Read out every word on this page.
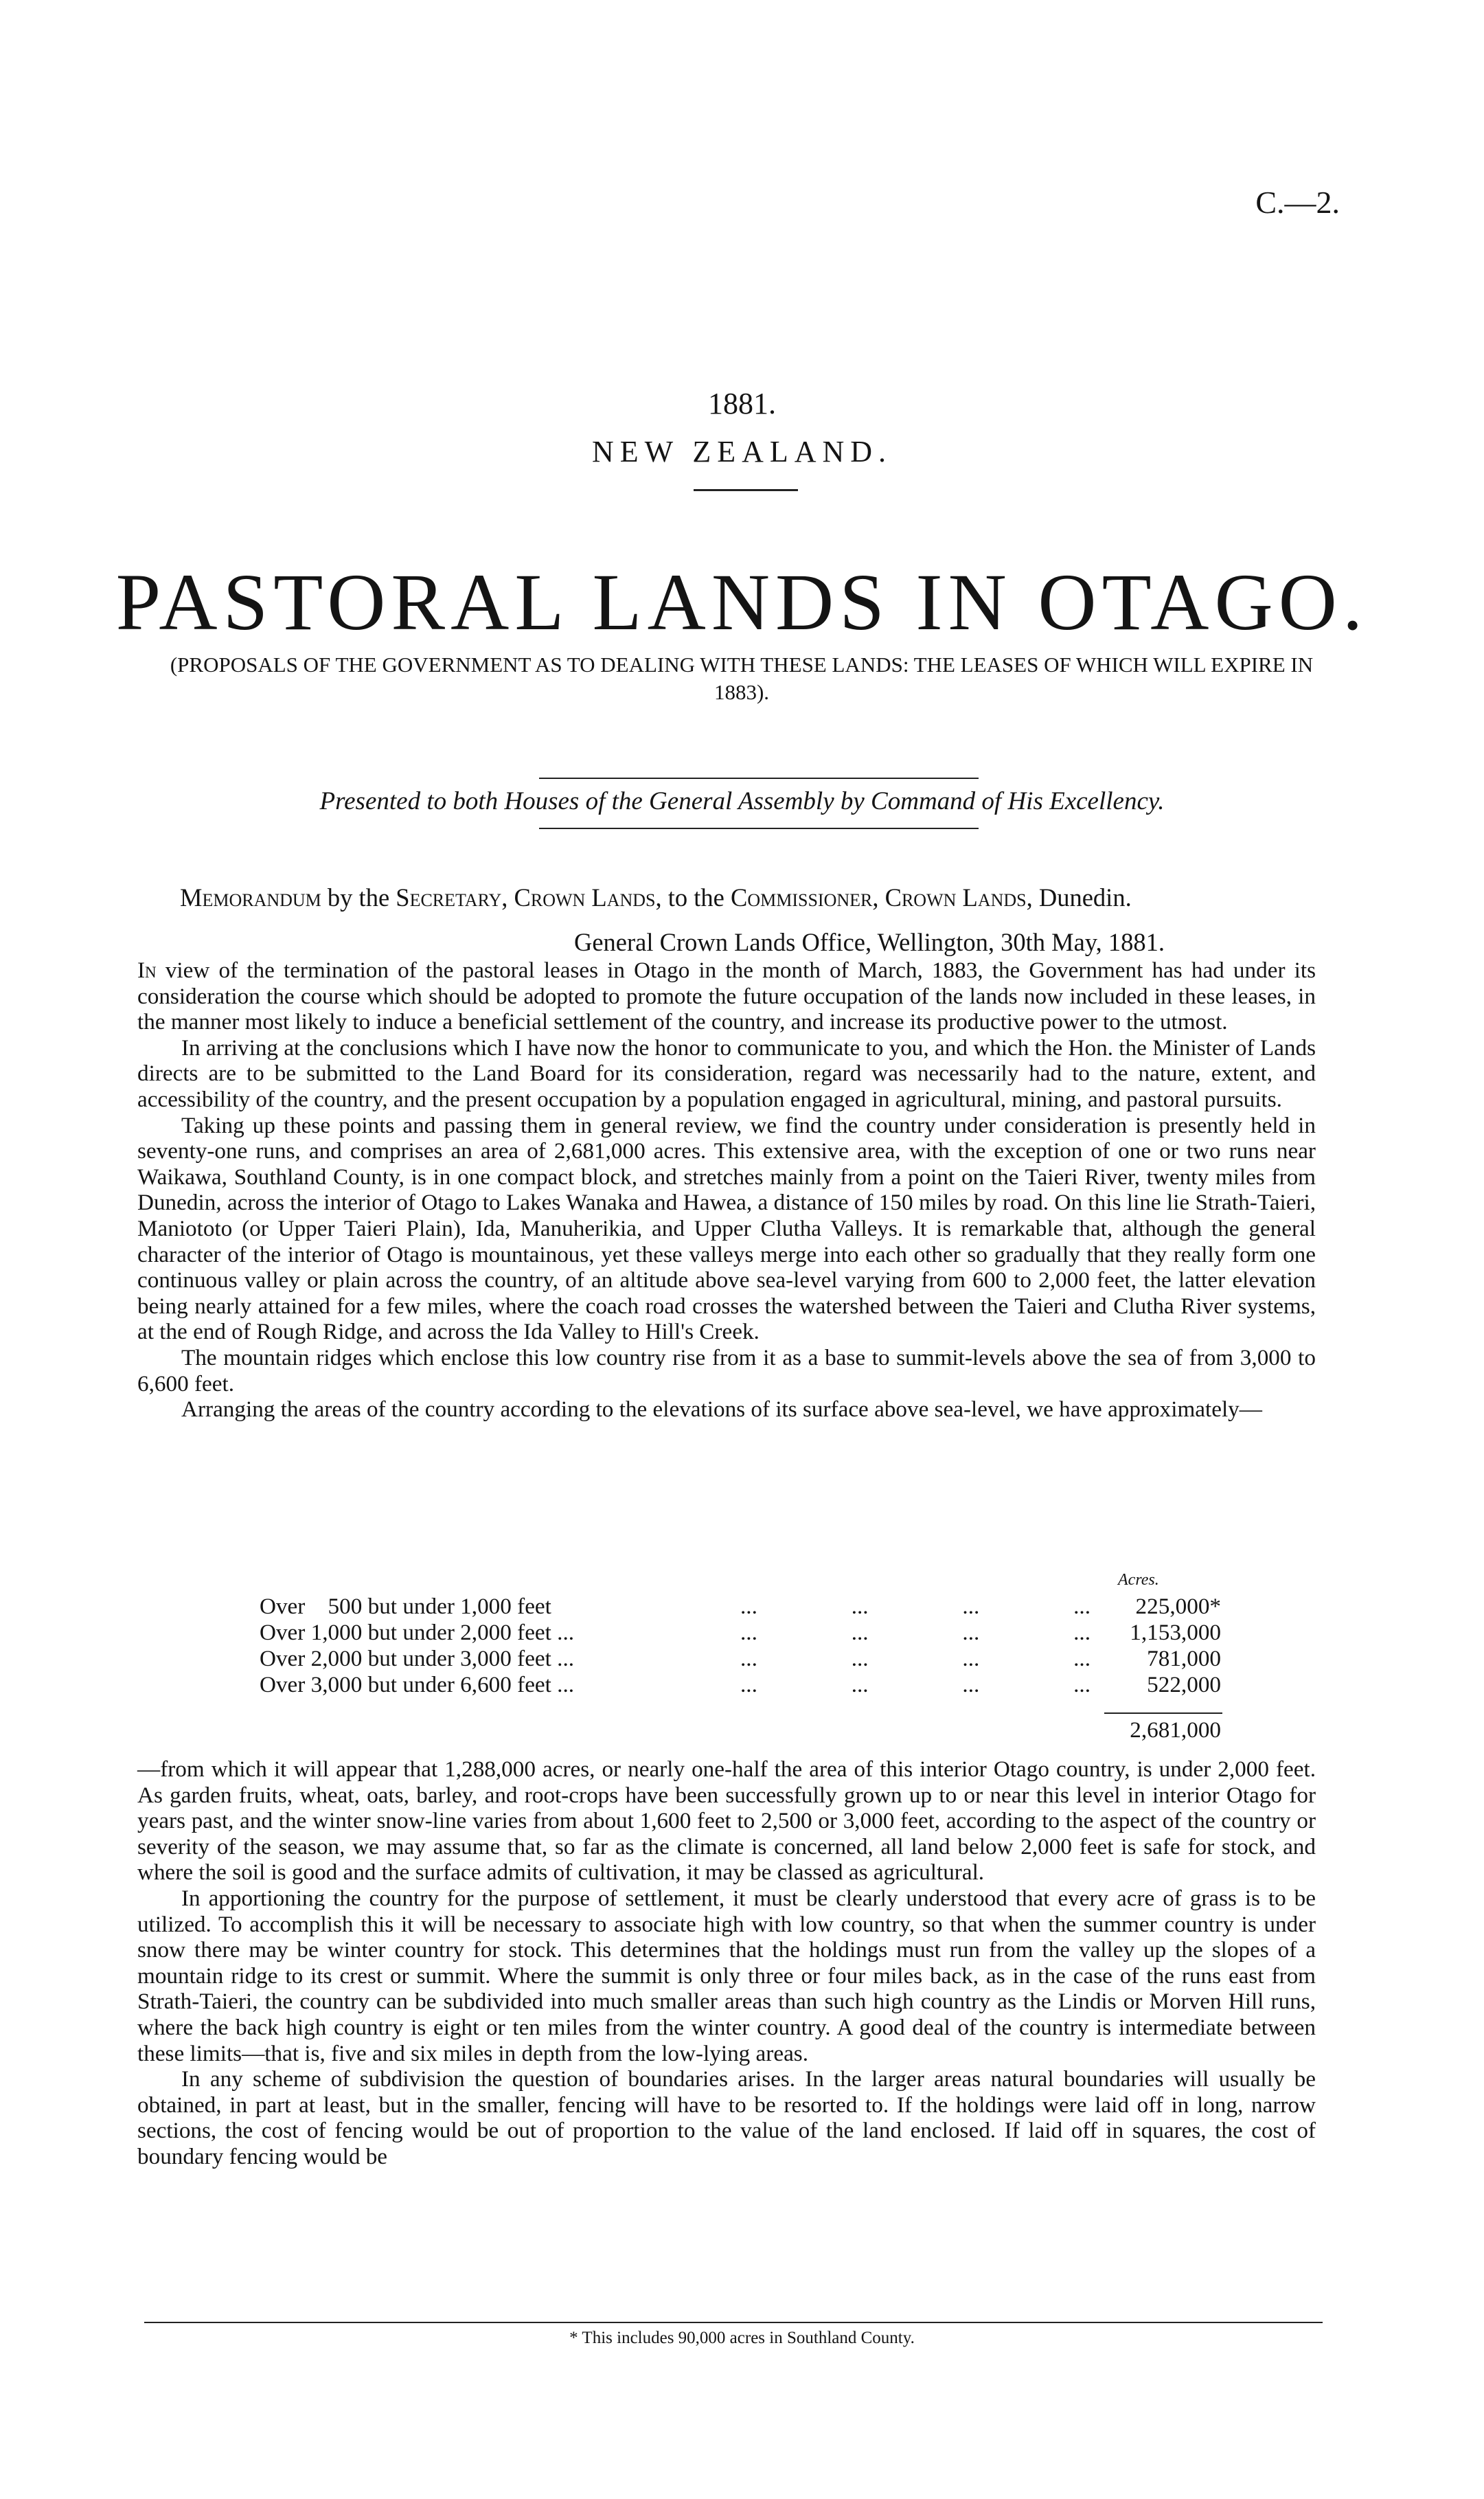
C.—2.
1881.
NEW ZEALAND.
PASTORAL LANDS IN OTAGO.
(PROPOSALS OF THE GOVERNMENT AS TO DEALING WITH THESE LANDS: THE LEASES OF WHICH WILL EXPIRE IN 1883).
Presented to both Houses of the General Assembly by Command of His Excellency.
Memorandum by the Secretary, Crown Lands, to the Commissioner, Crown Lands, Dunedin.
General Crown Lands Office, Wellington, 30th May, 1881.

In view of the termination of the pastoral leases in Otago in the month of March, 1883, the Government has had under its consideration the course which should be adopted to promote the future occupation of the lands now included in these leases, in the manner most likely to induce a beneficial settlement of the country, and increase its productive power to the utmost.

In arriving at the conclusions which I have now the honor to communicate to you, and which the Hon. the Minister of Lands directs are to be submitted to the Land Board for its consideration, regard was necessarily had to the nature, extent, and accessibility of the country, and the present occupation by a population engaged in agricultural, mining, and pastoral pursuits.

Taking up these points and passing them in general review, we find the country under consideration is presently held in seventy-one runs, and comprises an area of 2,681,000 acres. This extensive area, with the exception of one or two runs near Waikawa, Southland County, is in one compact block, and stretches mainly from a point on the Taieri River, twenty miles from Dunedin, across the interior of Otago to Lakes Wanaka and Hawea, a distance of 150 miles by road. On this line lie Strath-Taieri, Maniototo (or Upper Taieri Plain), Ida, Manuherikia, and Upper Clutha Valleys. It is remarkable that, although the general character of the interior of Otago is mountainous, yet these valleys merge into each other so gradually that they really form one continuous valley or plain across the country, of an altitude above sea-level varying from 600 to 2,000 feet, the latter elevation being nearly attained for a few miles, where the coach road crosses the watershed between the Taieri and Clutha River systems, at the end of Rough Ridge, and across the Ida Valley to Hill's Creek.

The mountain ridges which enclose this low country rise from it as a base to summit-levels above the sea of from 3,000 to 6,600 feet.

Arranging the areas of the country according to the elevations of its surface above sea-level, we have approximately—

Acres.
Over    500 but under 1,000 feet	...	...	...	... 225,000*
Over 1,000 but under 2,000 feet ...	...	...	...	... 1,153,000
Over 2,000 but under 3,000 feet ...	...	...	...	... 781,000
Over 3,000 but under 6,600 feet ...	...	...	...	... 522,000
2,681,000

—from which it will appear that 1,288,000 acres, or nearly one-half the area of this interior Otago country, is under 2,000 feet. As garden fruits, wheat, oats, barley, and root-crops have been successfully grown up to or near this level in interior Otago for years past, and the winter snow-line varies from about 1,600 feet to 2,500 or 3,000 feet, according to the aspect of the country or severity of the season, we may assume that, so far as the climate is concerned, all land below 2,000 feet is safe for stock, and where the soil is good and the surface admits of cultivation, it may be classed as agricultural.

In apportioning the country for the purpose of settlement, it must be clearly understood that every acre of grass is to be utilized. To accomplish this it will be necessary to associate high with low country, so that when the summer country is under snow there may be winter country for stock. This determines that the holdings must run from the valley up the slopes of a mountain ridge to its crest or summit. Where the summit is only three or four miles back, as in the case of the runs east from Strath-Taieri, the country can be subdivided into much smaller areas than such high country as the Lindis or Morven Hill runs, where the back high country is eight or ten miles from the winter country. A good deal of the country is intermediate between these limits—that is, five and six miles in depth from the low-lying areas.

In any scheme of subdivision the question of boundaries arises. In the larger areas natural boundaries will usually be obtained, in part at least, but in the smaller, fencing will have to be resorted to. If the holdings were laid off in long, narrow sections, the cost of fencing would be out of proportion to the value of the land enclosed. If laid off in squares, the cost of boundary fencing would be

* This includes 90,000 acres in Southland County.
